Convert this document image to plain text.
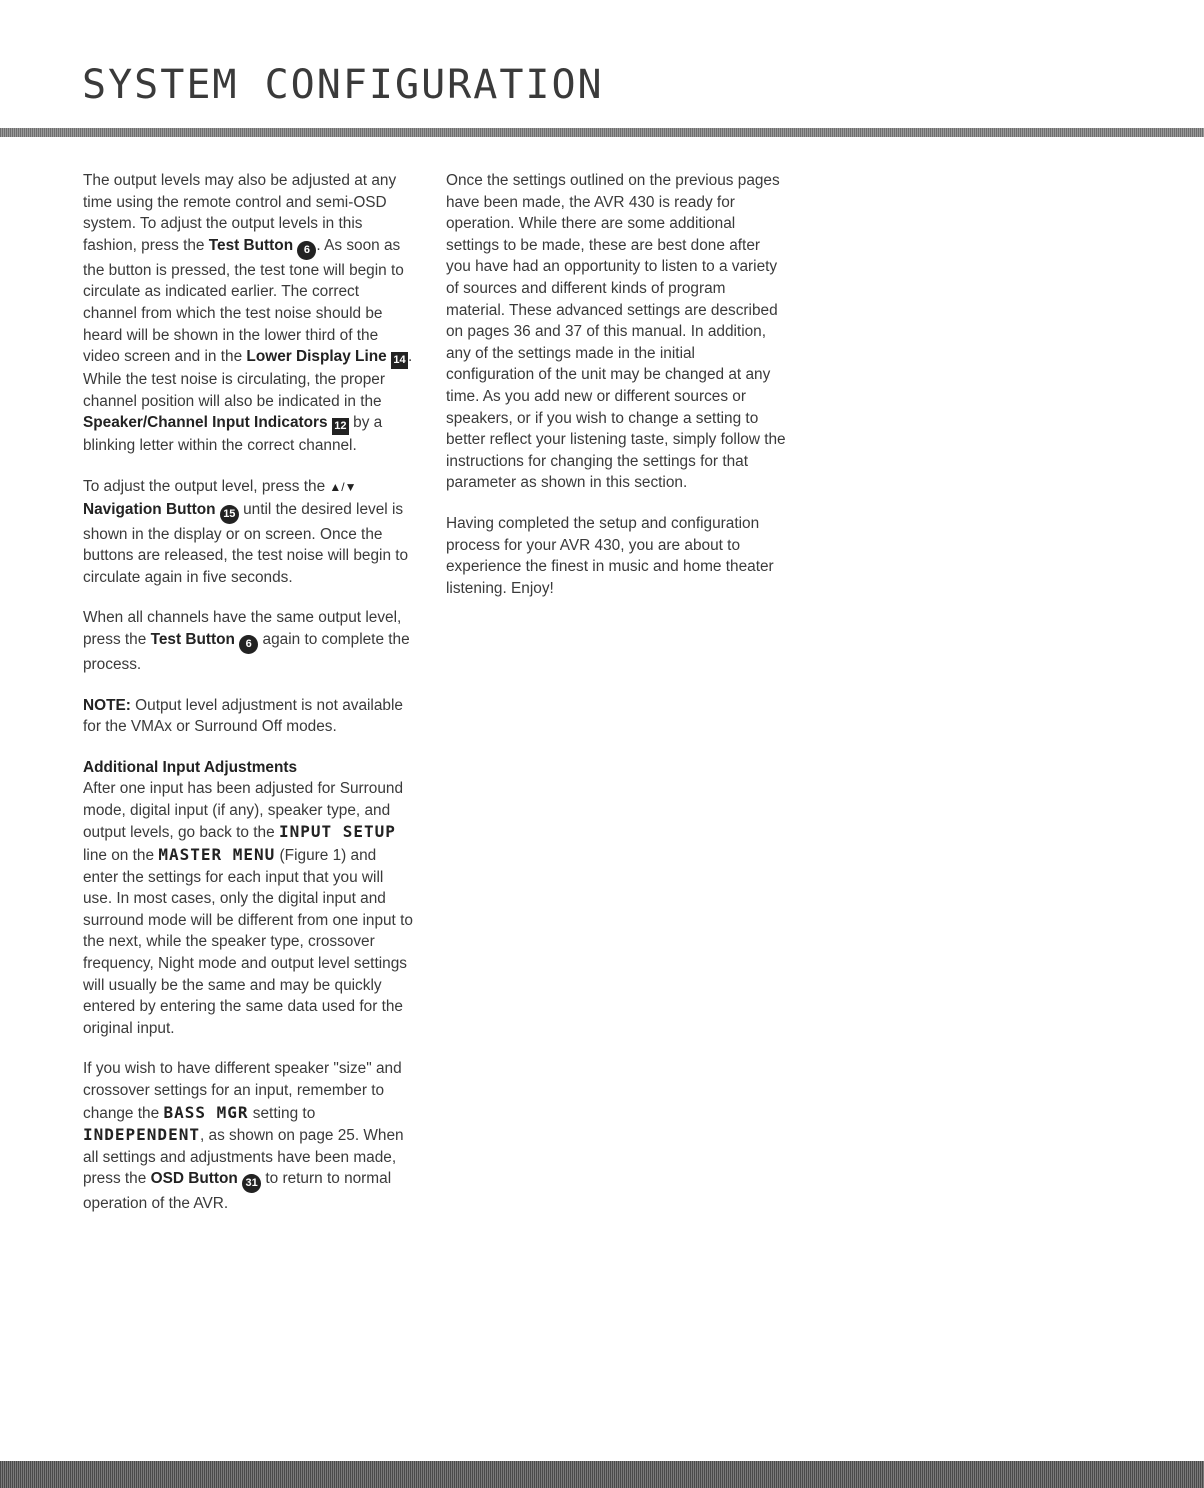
SYSTEM CONFIGURATION

The output levels may also be adjusted at any time using the remote control and semi-OSD system. To adjust the output levels in this fashion, press the Test Button 6 . As soon as the button is pressed, the test tone will begin to circulate as indicated earlier. The correct channel from which the test noise should be heard will be shown in the lower third of the video screen and in the Lower Display Line 14 . While the test noise is circulating, the proper channel position will also be indicated in the Speaker/Channel Input Indicators 12 by a blinking letter within the correct channel.

To adjust the output level, press the ▲/▼ Navigation Button 15 until the desired level is shown in the display or on screen. Once the buttons are released, the test noise will begin to circulate again in five seconds.

When all channels have the same output level, press the Test Button 6 again to complete the process.

NOTE: Output level adjustment is not available for the VMAx or Surround Off modes.

Additional Input Adjustments
After one input has been adjusted for Surround mode, digital input (if any), speaker type, and output levels, go back to the INPUT SETUP line on the MASTER MENU (Figure 1) and enter the settings for each input that you will use. In most cases, only the digital input and surround mode will be different from one input to the next, while the speaker type, crossover frequency, Night mode and output level settings will usually be the same and may be quickly entered by entering the same data used for the original input.

If you wish to have different speaker "size" and crossover settings for an input, remember to change the BASS MGR setting to INDEPENDENT, as shown on page 25. When all settings and adjustments have been made, press the OSD Button 31 to return to normal operation of the AVR.

Once the settings outlined on the previous pages have been made, the AVR 430 is ready for operation. While there are some additional settings to be made, these are best done after you have had an opportunity to listen to a variety of sources and different kinds of program material. These advanced settings are described on pages 36 and 37 of this manual. In addition, any of the settings made in the initial configuration of the unit may be changed at any time. As you add new or different sources or speakers, or if you wish to change a setting to better reflect your listening taste, simply follow the instructions for changing the settings for that parameter as shown in this section.

Having completed the setup and configuration process for your AVR 430, you are about to experience the finest in music and home theater listening. Enjoy!
